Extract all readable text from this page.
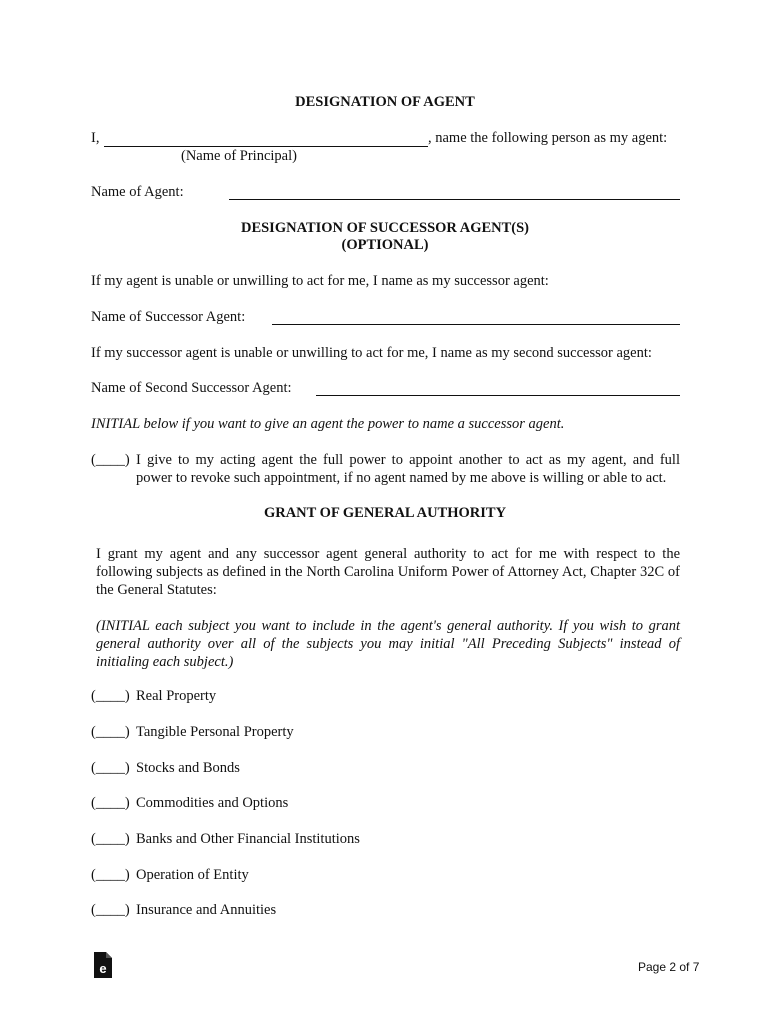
DESIGNATION OF AGENT
I,	, name the following person as my agent:
(Name of Principal)
Name of Agent:
DESIGNATION OF SUCCESSOR AGENT(S)
(OPTIONAL)
If my agent is unable or unwilling to act for me, I name as my successor agent:
Name of Successor Agent:
If my successor agent is unable or unwilling to act for me, I name as my second successor agent:
Name of Second Successor Agent:
INITIAL below if you want to give an agent the power to name a successor agent.
(____) I give to my acting agent the full power to appoint another to act as my agent, and full
power to revoke such appointment, if no agent named by me above is willing or able to act.
GRANT OF GENERAL AUTHORITY
I grant my agent and any successor agent general authority to act for me with respect to the following subjects as defined in the North Carolina Uniform Power of Attorney Act, Chapter 32C of the General Statutes:
(INITIAL each subject you want to include in the agent's general authority. If you wish to grant general authority over all of the subjects you may initial "All Preceding Subjects" instead of initialing each subject.)
(____) Real Property
(____) Tangible Personal Property
(____) Stocks and Bonds
(____) Commodities and Options
(____) Banks and Other Financial Institutions
(____) Operation of Entity
(____) Insurance and Annuities
e	Page 2 of 7
